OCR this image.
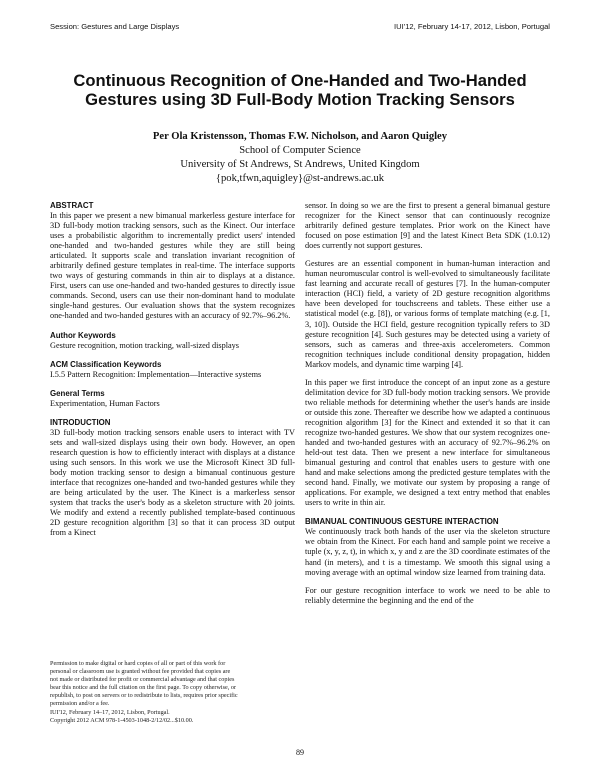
Session: Gestures and Large Displays	IUI'12, February 14-17, 2012, Lisbon, Portugal
Continuous Recognition of One-Handed and Two-Handed
Gestures using 3D Full-Body Motion Tracking Sensors
Per Ola Kristensson, Thomas F.W. Nicholson, and Aaron Quigley
School of Computer Science
University of St Andrews, St Andrews, United Kingdom
{pok,tfwn,aquigley}@st-andrews.ac.uk
ABSTRACT

In this paper we present a new bimanual markerless gesture interface for 3D full-body motion tracking sensors, such as the Kinect. Our interface uses a probabilistic algorithm to incrementally predict users' intended one-handed and two-handed gestures while they are still being articulated. It supports scale and translation invariant recognition of arbitrarily defined gesture templates in real-time. The interface supports two ways of gesturing commands in thin air to displays at a distance. First, users can use one-handed and two-handed gestures to directly issue commands. Second, users can use their non-dominant hand to modulate single-hand gestures. Our evaluation shows that the system recognizes one-handed and two-handed gestures with an accuracy of 92.7%–96.2%.

Author Keywords

Gesture recognition, motion tracking, wall-sized displays

ACM Classification Keywords

I.5.5 Pattern Recognition: Implementation—Interactive systems

General Terms

Experimentation, Human Factors

INTRODUCTION

3D full-body motion tracking sensors enable users to interact with TV sets and wall-sized displays using their own body. However, an open research question is how to efficiently interact with displays at a distance using such sensors. In this work we use the Microsoft Kinect 3D full-body motion tracking sensor to design a bimanual continuous gesture interface that recognizes one-handed and two-handed gestures while they are being articulated by the user. The Kinect is a markerless sensor system that tracks the user's body as a skeleton structure with 20 joints. We modify and extend a recently published template-based continuous 2D gesture recognition algorithm [3] so that it can process 3D output from a Kinect

Permission to make digital or hard copies of all or part of this work for
personal or classroom use is granted without fee provided that copies are
not made or distributed for profit or commercial advantage and that copies
bear this notice and the full citation on the first page. To copy otherwise, or
republish, to post on servers or to redistribute to lists, requires prior specific
permission and/or a fee.
IUI'12, February 14–17, 2012, Lisbon, Portugal.
Copyright 2012 ACM 978-1-4503-1048-2/12/02...$10.00.

sensor. In doing so we are the first to present a general bimanual gesture recognizer for the Kinect sensor that can continuously recognize arbitrarily defined gesture templates. Prior work on the Kinect have focused on pose estimation [9] and the latest Kinect Beta SDK (1.0.12) does currently not support gestures.

Gestures are an essential component in human-human interaction and human neuromuscular control is well-evolved to simultaneously facilitate fast learning and accurate recall of gestures [7]. In the human-computer interaction (HCI) field, a variety of 2D gesture recognition algorithms have been developed for touchscreens and tablets. These either use a statistical model (e.g. [8]), or various forms of template matching (e.g. [1, 3, 10]). Outside the HCI field, gesture recognition typically refers to 3D gesture recognition [4]. Such gestures may be detected using a variety of sensors, such as cameras and three-axis accelerometers. Common recognition techniques include conditional density propagation, hidden Markov models, and dynamic time warping [4].

In this paper we first introduce the concept of an input zone as a gesture delimitation device for 3D full-body motion tracking sensors. We provide two reliable methods for determining whether the user's hands are inside or outside this zone. Thereafter we describe how we adapted a continuous recognition algorithm [3] for the Kinect and extended it so that it can recognize two-handed gestures. We show that our system recognizes one-handed and two-handed gestures with an accuracy of 92.7%–96.2% on held-out test data. Then we present a new interface for simultaneous bimanual gesturing and control that enables users to gesture with one hand and make selections among the predicted gesture templates with the second hand. Finally, we motivate our system by proposing a range of applications. For example, we designed a text entry method that enables users to write in thin air.

BIMANUAL CONTINUOUS GESTURE INTERACTION

We continuously track both hands of the user via the skeleton structure we obtain from the Kinect. For each hand and sample point we receive a tuple (x, y, z, t), in which x, y and z are the 3D coordinate estimates of the hand (in meters), and t is a timestamp. We smooth this signal using a moving average with an optimal window size learned from training data.

For our gesture recognition interface to work we need to be able to reliably determine the beginning and the end of the

89
